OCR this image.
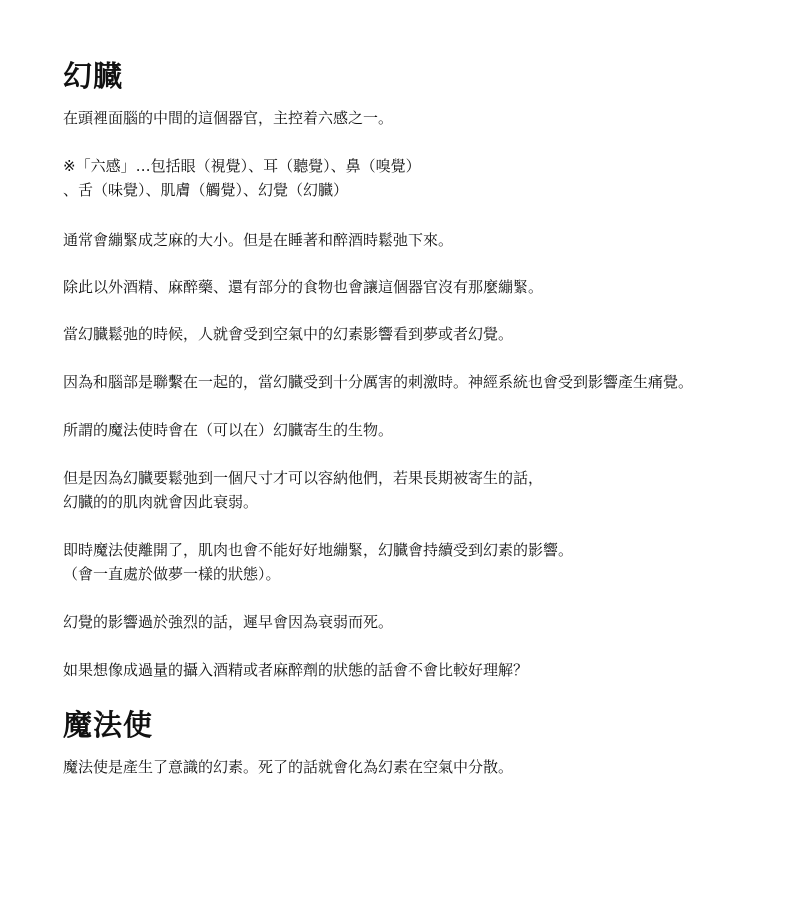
幻臓

在頭裡面腦的中間的這個器官，主控着六感之一。

※「六感」…包括眼（視覺）、耳（聽覺）、鼻（嗅覺）
、舌（味覺）、肌膚（觸覺）、幻覺（幻臓）

通常會繃緊成芝麻的大小。但是在睡著和醉酒時鬆弛下來。

除此以外酒精、麻醉藥、還有部分的食物也會讓這個器官沒有那麼繃緊。

當幻臓鬆弛的時候，人就會受到空氣中的幻素影響看到夢或者幻覺。

因為和腦部是聯繫在一起的，當幻臓受到十分厲害的刺激時。神經系統也會受到影響產生痛覺。

所謂的魔法使時會在（可以在）幻臓寄生的生物。

但是因為幻臓要鬆弛到一個尺寸才可以容納他們，若果長期被寄生的話，
幻臓的的肌肉就會因此衰弱。

即時魔法使離開了，肌肉也會不能好好地繃緊，幻臓會持續受到幻素的影響。
（會一直處於做夢一樣的狀態）。

幻覺的影響過於強烈的話，遲早會因為衰弱而死。

如果想像成過量的攝入酒精或者麻醉劑的狀態的話會不會比較好理解？

魔法使

魔法使是產生了意識的幻素。死了的話就會化為幻素在空氣中分散。
